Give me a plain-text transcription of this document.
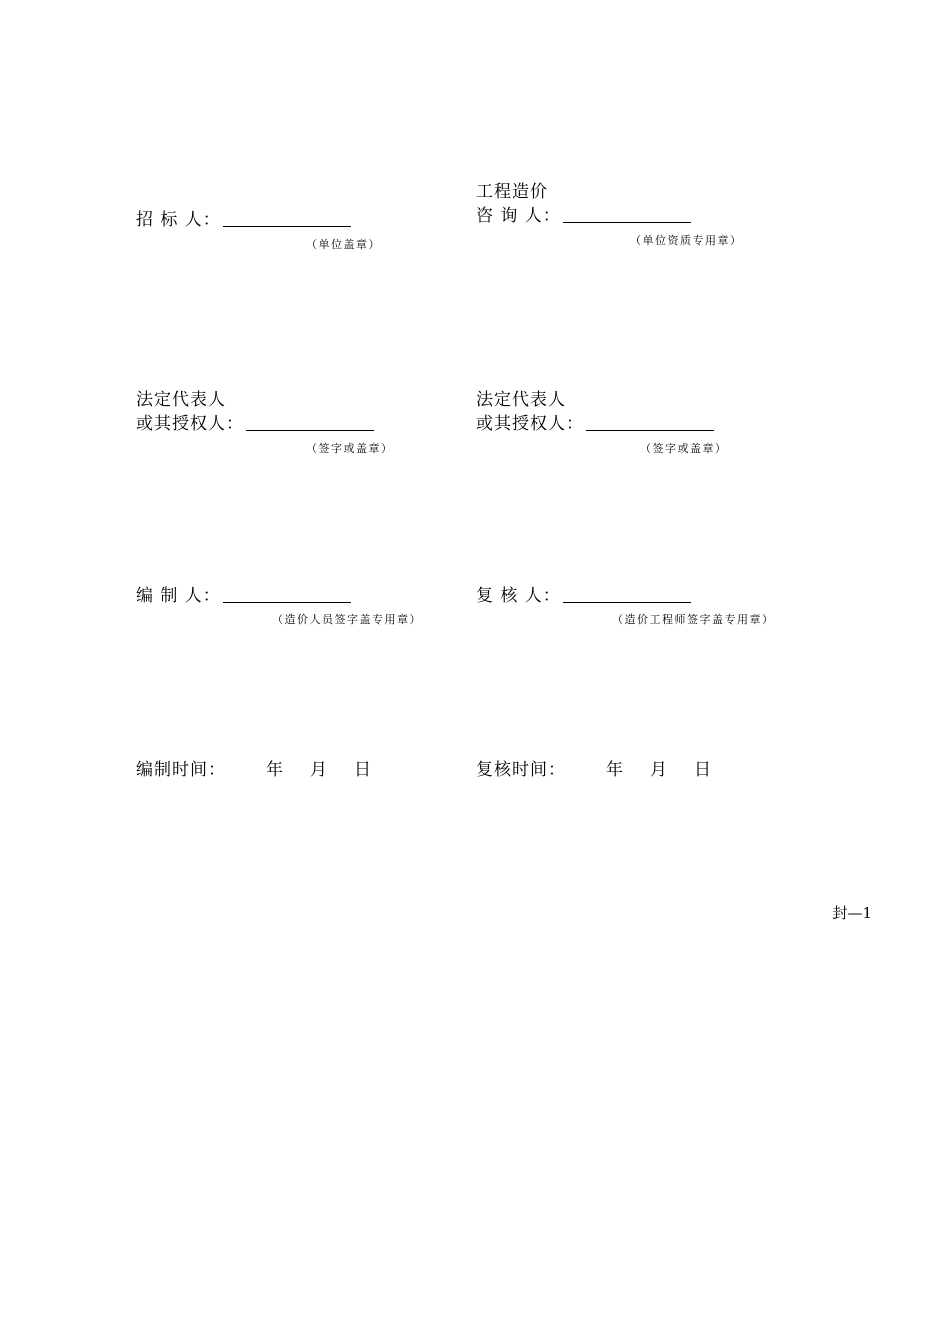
招 标 人：
（单位盖章）
工程造价
咨 询 人：
（单位资质专用章）
法定代表人
或其授权人：
（签字或盖章）
法定代表人
或其授权人：
（签字或盖章）
编 制 人：
（造价人员签字盖专用章）
复 核 人：
（造价工程师签字盖专用章）
编制时间：	年	月	日	复核时间：	年	月	日
封—1
